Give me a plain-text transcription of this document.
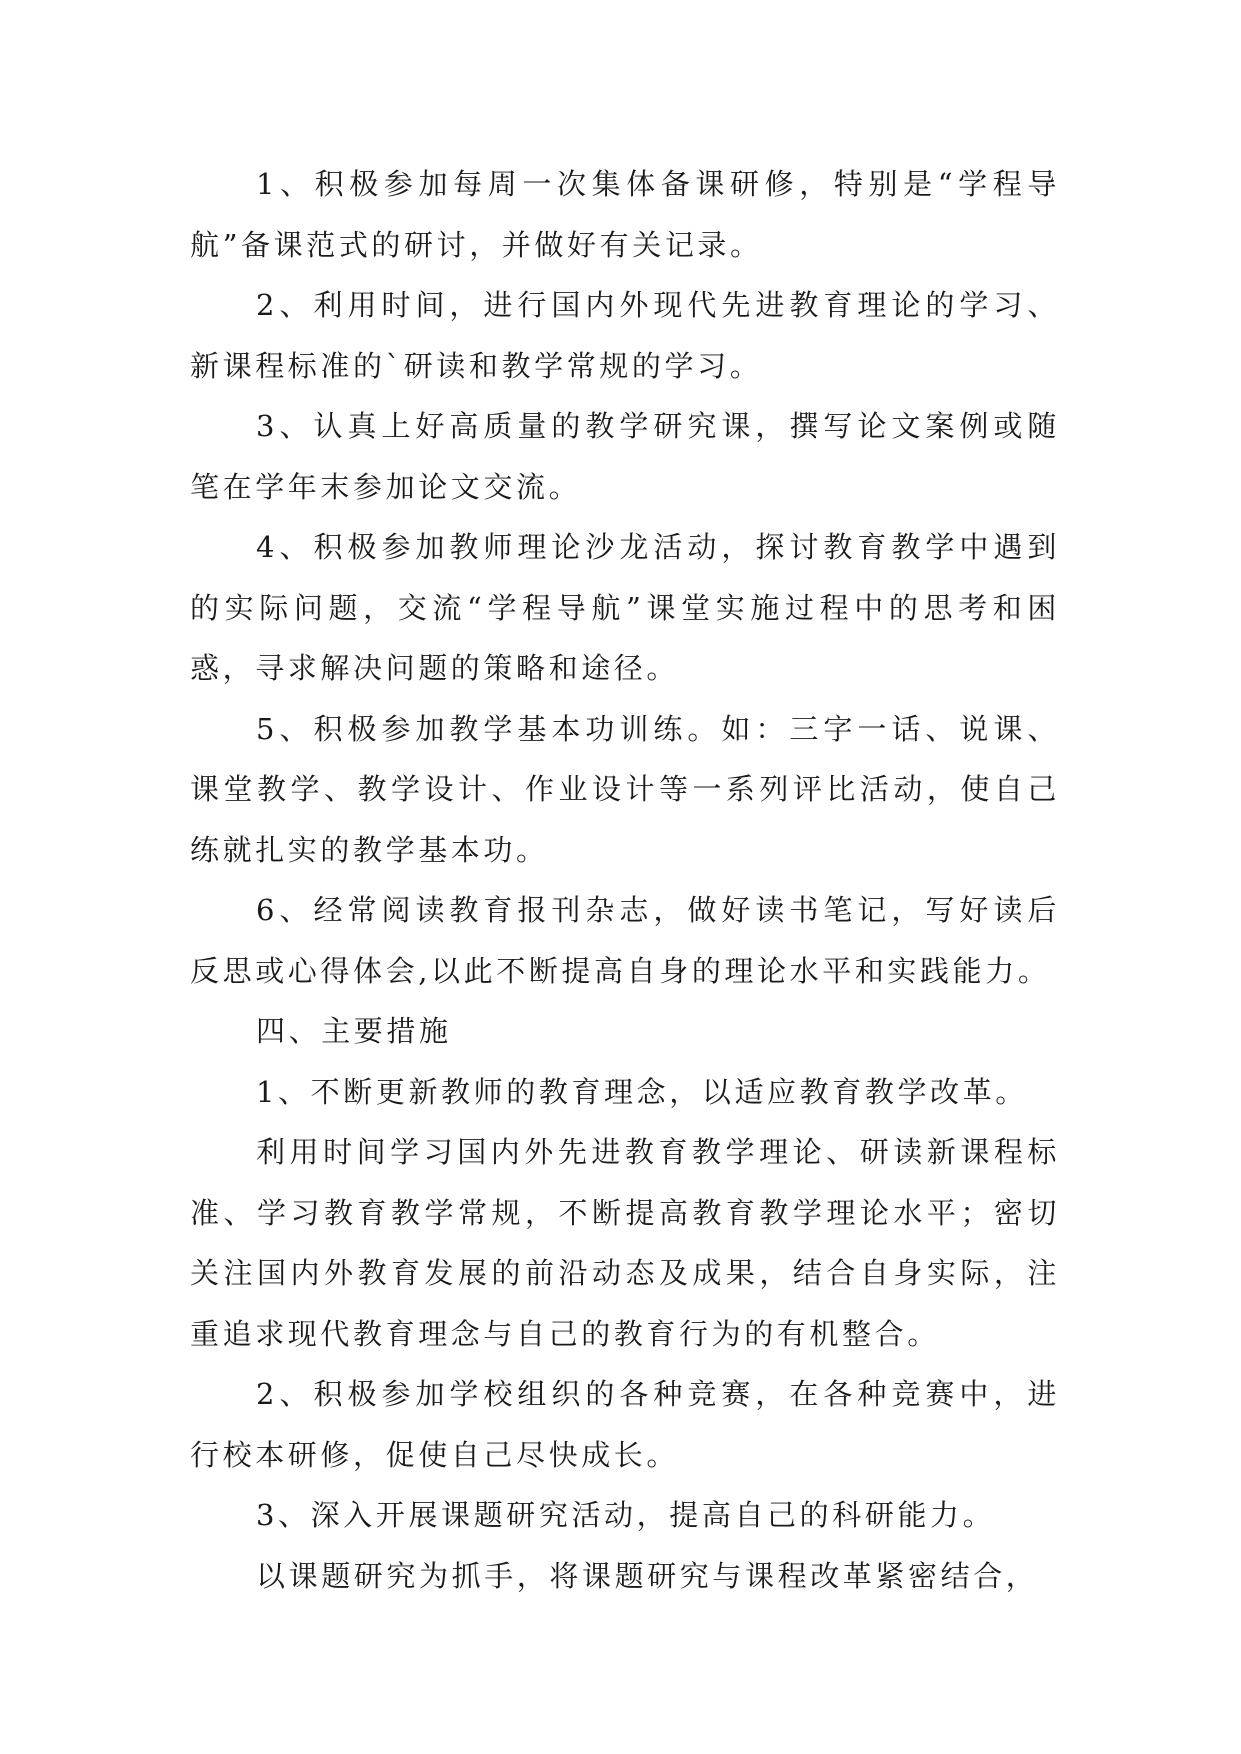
1、积极参加每周一次集体备课研修，特别是“学程导航”备课范式的研讨，并做好有关记录。

2、利用时间，进行国内外现代先进教育理论的学习、新课程标准的`研读和教学常规的学习。

3、认真上好高质量的教学研究课，撰写论文案例或随笔在学年末参加论文交流。

4、积极参加教师理论沙龙活动，探讨教育教学中遇到的实际问题，交流“学程导航”课堂实施过程中的思考和困惑，寻求解决问题的策略和途径。

5、积极参加教学基本功训练。如：三字一话、说课、课堂教学、教学设计、作业设计等一系列评比活动，使自己练就扎实的教学基本功。

6、经常阅读教育报刊杂志，做好读书笔记，写好读后反思或心得体会,以此不断提高自身的理论水平和实践能力。

四、主要措施

1、不断更新教师的教育理念，以适应教育教学改革。

利用时间学习国内外先进教育教学理论、研读新课程标准、学习教育教学常规，不断提高教育教学理论水平；密切关注国内外教育发展的前沿动态及成果，结合自身实际，注重追求现代教育理念与自己的教育行为的有机整合。

2、积极参加学校组织的各种竞赛，在各种竞赛中，进行校本研修，促使自己尽快成长。

3、深入开展课题研究活动，提高自己的科研能力。

以课题研究为抓手，将课题研究与课程改革紧密结合，
